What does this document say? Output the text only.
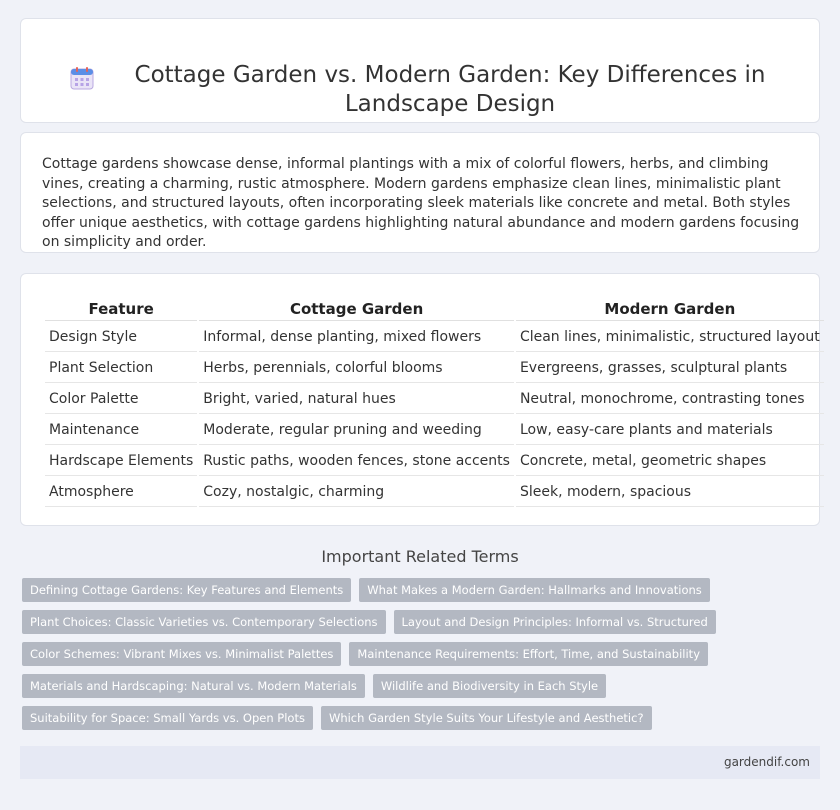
Cottage Garden vs. Modern Garden: Key Differences in Landscape Design

Cottage gardens showcase dense, informal plantings with a mix of colorful flowers, herbs, and climbing vines, creating a charming, rustic atmosphere. Modern gardens emphasize clean lines, minimalistic plant selections, and structured layouts, often incorporating sleek materials like concrete and metal. Both styles offer unique aesthetics, with cottage gardens highlighting natural abundance and modern gardens focusing on simplicity and order.

Feature	Cottage Garden	Modern Garden
Design Style	Informal, dense planting, mixed flowers	Clean lines, minimalistic, structured layout
Plant Selection	Herbs, perennials, colorful blooms	Evergreens, grasses, sculptural plants
Color Palette	Bright, varied, natural hues	Neutral, monochrome, contrasting tones
Maintenance	Moderate, regular pruning and weeding	Low, easy-care plants and materials
Hardscape Elements	Rustic paths, wooden fences, stone accents	Concrete, metal, geometric shapes
Atmosphere	Cozy, nostalgic, charming	Sleek, modern, spacious
Important Related Terms
Defining Cottage Gardens: Key Features and Elements	What Makes a Modern Garden: Hallmarks and Innovations
Plant Choices: Classic Varieties vs. Contemporary Selections	Layout and Design Principles: Informal vs. Structured
Color Schemes: Vibrant Mixes vs. Minimalist Palettes	Maintenance Requirements: Effort, Time, and Sustainability
Materials and Hardscaping: Natural vs. Modern Materials	Wildlife and Biodiversity in Each Style
Suitability for Space: Small Yards vs. Open Plots	Which Garden Style Suits Your Lifestyle and Aesthetic?
gardendif.com
